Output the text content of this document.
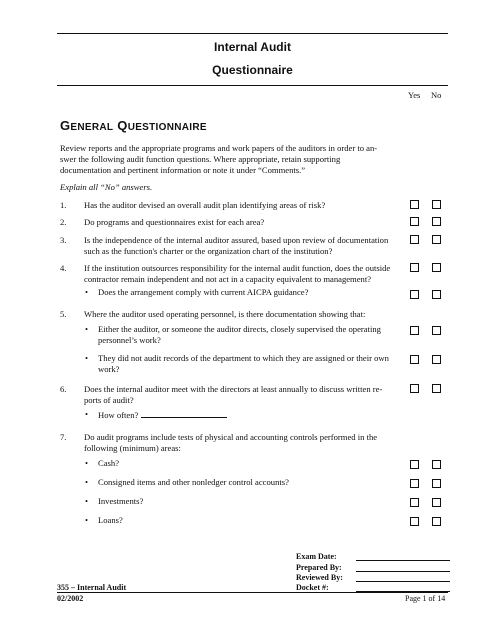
Internal Audit
Questionnaire
Yes No
GENERAL QUESTIONNAIRE
Review reports and the appropriate programs and work papers of the auditors in order to an-
swer the following audit function questions. Where appropriate, retain supporting
documentation and pertinent information or note it under “Comments.”
Explain all “No” answers.
1. Has the auditor devised an overall audit plan identifying areas of risk?
2. Do programs and questionnaires exist for each area?
3. Is the independence of the internal auditor assured, based upon review of documentation
such as the function's charter or the organization chart of the institution?
4. If the institution outsources responsibility for the internal audit function, does the outside
contractor remain independent and not act in a capacity equivalent to management?
• Does the arrangement comply with current AICPA guidance?
5. Where the auditor used operating personnel, is there documentation showing that:
• Either the auditor, or someone the auditor directs, closely supervised the operating
personnel’s work?
• They did not audit records of the department to which they are assigned or their own
work?
6. Does the internal auditor meet with the directors at least annually to discuss written re-
ports of audit?
• How often?
7. Do audit programs include tests of physical and accounting controls performed in the
following (minimum) areas:
• Cash?
• Consigned items and other nonledger control accounts?
• Investments?
• Loans?
Exam Date:
Prepared By:
Reviewed By:
Docket #:
355 – Internal Audit
02/2002	Page 1 of 14
